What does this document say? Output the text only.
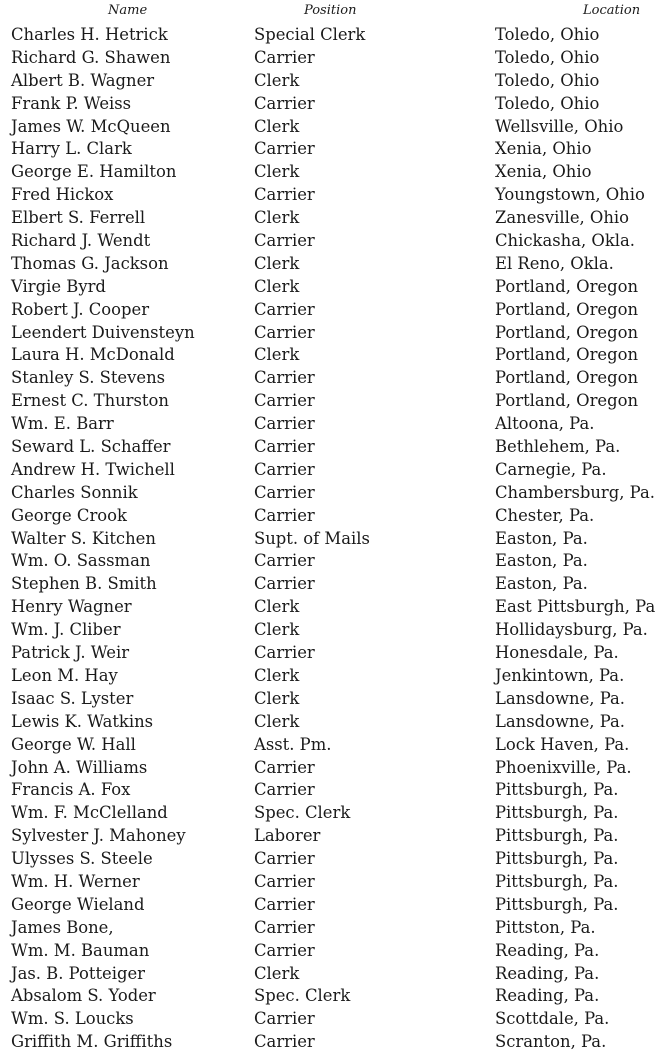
Name	Position	Location
Charles H. Hetrick	Special Clerk	Toledo, Ohio
Richard G. Shawen	Carrier	Toledo, Ohio
Albert B. Wagner	Clerk	Toledo, Ohio
Frank P. Weiss	Carrier	Toledo, Ohio
James W. McQueen	Clerk	Wellsville, Ohio
Harry L. Clark	Carrier	Xenia, Ohio
George E. Hamilton	Clerk	Xenia, Ohio
Fred Hickox	Carrier	Youngstown, Ohio
Elbert S. Ferrell	Clerk	Zanesville, Ohio
Richard J. Wendt	Carrier	Chickasha, Okla.
Thomas G. Jackson	Clerk	El Reno, Okla.
Virgie Byrd	Clerk	Portland, Oregon
Robert J. Cooper	Carrier	Portland, Oregon
Leendert Duivensteyn	Carrier	Portland, Oregon
Laura H. McDonald	Clerk	Portland, Oregon
Stanley S. Stevens	Carrier	Portland, Oregon
Ernest C. Thurston	Carrier	Portland, Oregon
Wm. E. Barr	Carrier	Altoona, Pa.
Seward L. Schaffer	Carrier	Bethlehem, Pa.
Andrew H. Twichell	Carrier	Carnegie, Pa.
Charles Sonnik	Carrier	Chambersburg, Pa.
George Crook	Carrier	Chester, Pa.
Walter S. Kitchen	Supt. of Mails	Easton, Pa.
Wm. O. Sassman	Carrier	Easton, Pa.
Stephen B. Smith	Carrier	Easton, Pa.
Henry Wagner	Clerk	East Pittsburgh, Pa
Wm. J. Cliber	Clerk	Hollidaysburg, Pa.
Patrick J. Weir	Carrier	Honesdale, Pa.
Leon M. Hay	Clerk	Jenkintown, Pa.
Isaac S. Lyster	Clerk	Lansdowne, Pa.
Lewis K. Watkins	Clerk	Lansdowne, Pa.
George W. Hall	Asst. Pm.	Lock Haven, Pa.
John A. Williams	Carrier	Phoenixville, Pa.
Francis A. Fox	Carrier	Pittsburgh, Pa.
Wm. F. McClelland	Spec. Clerk	Pittsburgh, Pa.
Sylvester J. Mahoney	Laborer	Pittsburgh, Pa.
Ulysses S. Steele	Carrier	Pittsburgh, Pa.
Wm. H. Werner	Carrier	Pittsburgh, Pa.
George Wieland	Carrier	Pittsburgh, Pa.
James Bone,	Carrier	Pittston, Pa.
Wm. M. Bauman	Carrier	Reading, Pa.
Jas. B. Potteiger	Clerk	Reading, Pa.
Absalom S. Yoder	Spec. Clerk	Reading, Pa.
Wm. S. Loucks	Carrier	Scottdale, Pa.
Griffith M. Griffiths	Carrier	Scranton, Pa.
